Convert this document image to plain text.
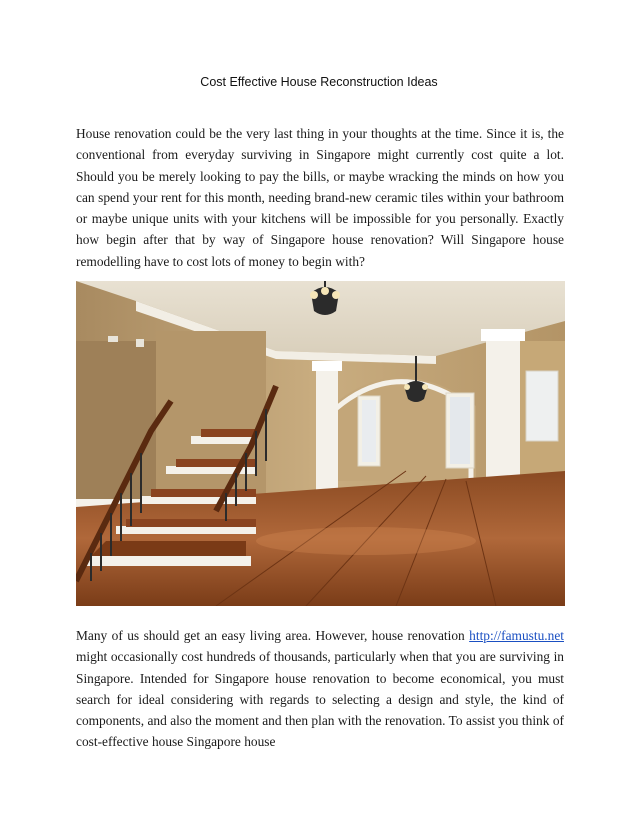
Cost Effective House Reconstruction Ideas

House renovation could be the very last thing in your thoughts at the time. Since it is, the conventional from everyday surviving in Singapore might currently cost quite a lot. Should you be merely looking to pay the bills, or maybe wracking the minds on how you can spend your rent for this month, needing brand-new ceramic tiles within your bathroom or maybe unique units with your kitchens will be impossible for you personally. Exactly how begin after that by way of Singapore house renovation? Will Singapore house remodelling have to cost lots of money to begin with?

Many of us should get an easy living area. However, house renovation http://famustu.net might occasionally cost hundreds of thousands, particularly when that you are surviving in Singapore. Intended for Singapore house renovation to become economical, you must search for ideal considering with regards to selecting a design and style, the kind of components, and also the moment and then plan with the renovation. To assist you think of cost-effective house Singapore house
